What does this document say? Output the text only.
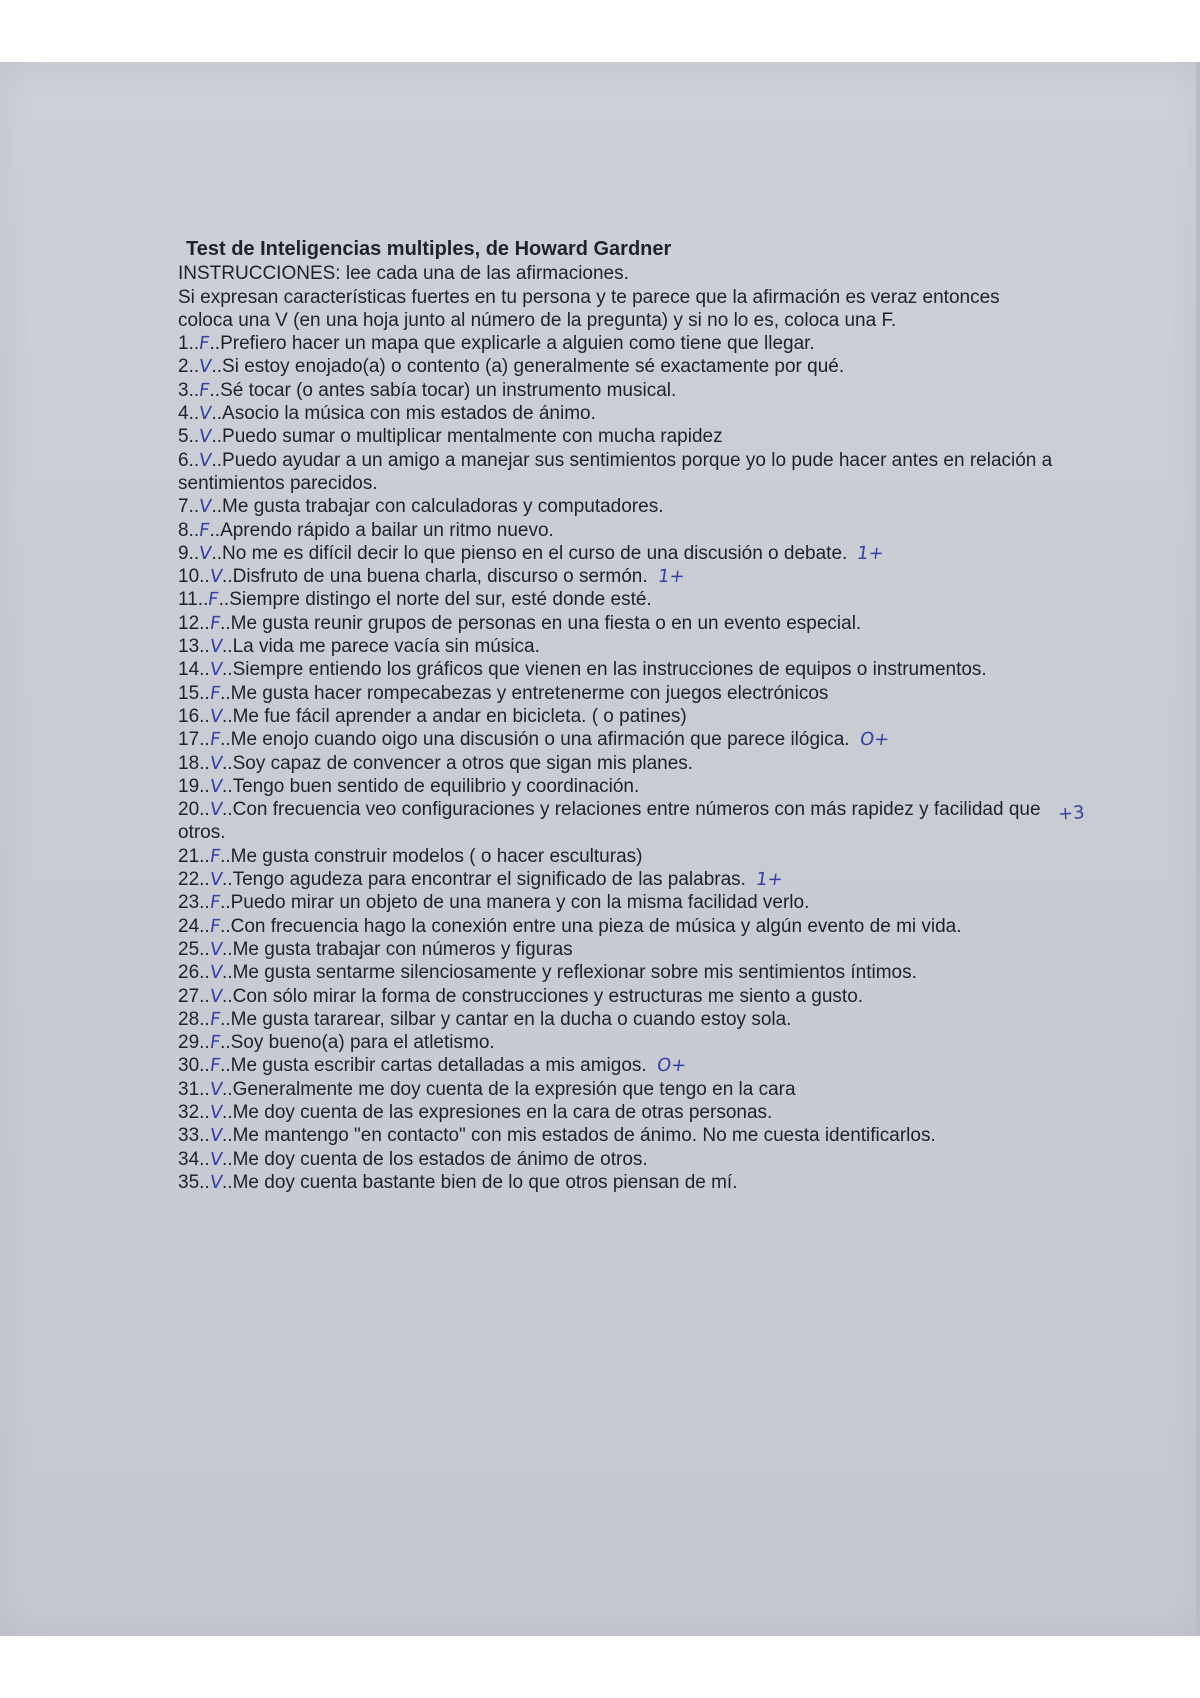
Test de Inteligencias multiples, de Howard Gardner

INSTRUCCIONES: lee cada una de las afirmaciones.

Si expresan características fuertes en tu persona y te parece que la afirmación es veraz entonces coloca una V (en una hoja junto al número de la pregunta) y si no lo es, coloca una F.

1..F..Prefiero hacer un mapa que explicarle a alguien como tiene que llegar.

2..V..Si estoy enojado(a) o contento (a) generalmente sé exactamente por qué.

3..F..Sé tocar (o antes sabía tocar) un instrumento musical.

4..V..Asocio la música con mis estados de ánimo.

5..V..Puedo sumar o multiplicar mentalmente con mucha rapidez

6..V..Puedo ayudar a un amigo a manejar sus sentimientos porque yo lo pude hacer antes en relación a sentimientos parecidos.

7..V..Me gusta trabajar con calculadoras y computadores.

8..F..Aprendo rápido a bailar un ritmo nuevo.

9..V..No me es difícil decir lo que pienso en el curso de una discusión o debate. 1+

10..V..Disfruto de una buena charla, discurso o sermón. 1+

11..F..Siempre distingo el norte del sur, esté donde esté.

12..F..Me gusta reunir grupos de personas en una fiesta o en un evento especial.

13..V..La vida me parece vacía sin música.

14..V..Siempre entiendo los gráficos que vienen en las instrucciones de equipos o instrumentos.

15..F..Me gusta hacer rompecabezas y entretenerme con juegos electrónicos

16..V..Me fue fácil aprender a andar en bicicleta. ( o patines)

17..F..Me enojo cuando oigo una discusión o una afirmación que parece ilógica. O+

18..V..Soy capaz de convencer a otros que sigan mis planes.

19..V..Tengo buen sentido de equilibrio y coordinación.

20..V..Con frecuencia veo configuraciones y relaciones entre números con más rapidez y facilidad que otros.

21..F..Me gusta construir modelos ( o hacer esculturas)

22..V..Tengo agudeza para encontrar el significado de las palabras. 1+

23..F..Puedo mirar un objeto de una manera y con la misma facilidad verlo.

24..F..Con frecuencia hago la conexión entre una pieza de música y algún evento de mi vida.

25..V..Me gusta trabajar con números y figuras

26..V..Me gusta sentarme silenciosamente y reflexionar sobre mis sentimientos íntimos.

27..V..Con sólo mirar la forma de construcciones y estructuras me siento a gusto.

28..F..Me gusta tararear, silbar y cantar en la ducha o cuando estoy sola.

29..F..Soy bueno(a) para el atletismo.

30..F..Me gusta escribir cartas detalladas a mis amigos. O+

31..V..Generalmente me doy cuenta de la expresión que tengo en la cara

32..V..Me doy cuenta de las expresiones en la cara de otras personas.

33..V..Me mantengo "en contacto" con mis estados de ánimo. No me cuesta identificarlos.

34..V..Me doy cuenta de los estados de ánimo de otros.

35..V..Me doy cuenta bastante bien de lo que otros piensan de mí.

+3
